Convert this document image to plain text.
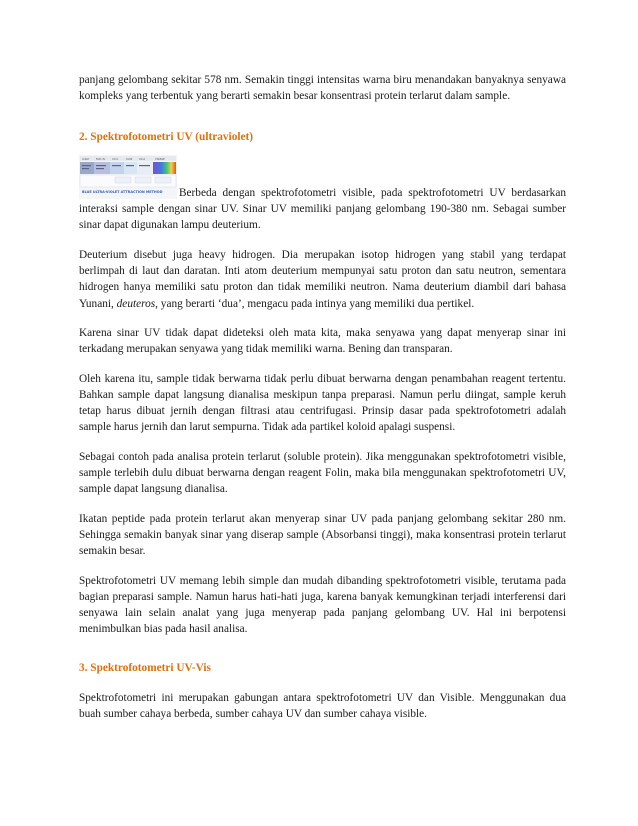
panjang gelombang sekitar 578 nm. Semakin tinggi intensitas warna biru menandakan banyaknya senyawa kompleks yang terbentuk yang berarti semakin besar konsentrasi protein terlarut dalam sample.

2. Spektrofotometri UV (ultraviolet)
X-RAY	FAR UV	UV-C	UV-B	UV-A	VISIBLE
BLUE ULTRA-VIOLET ATTRACTION METHOD	Berbeda dengan spektrofotometri visible, pada spektrofotometri UV berdasarkan interaksi sample dengan sinar UV. Sinar UV memiliki panjang gelombang 190-380 nm. Sebagai sumber sinar dapat digunakan lampu deuterium.

Deuterium disebut juga heavy hidrogen. Dia merupakan isotop hidrogen yang stabil yang terdapat berlimpah di laut dan daratan. Inti atom deuterium mempunyai satu proton dan satu neutron, sementara hidrogen hanya memiliki satu proton dan tidak memiliki neutron. Nama deuterium diambil dari bahasa Yunani, deuteros, yang berarti ‘dua’, mengacu pada intinya yang memiliki dua pertikel.

Karena sinar UV tidak dapat dideteksi oleh mata kita, maka senyawa yang dapat menyerap sinar ini terkadang merupakan senyawa yang tidak memiliki warna. Bening dan transparan.

Oleh karena itu, sample tidak berwarna tidak perlu dibuat berwarna dengan penambahan reagent tertentu. Bahkan sample dapat langsung dianalisa meskipun tanpa preparasi. Namun perlu diingat, sample keruh tetap harus dibuat jernih dengan filtrasi atau centrifugasi. Prinsip dasar pada spektrofotometri adalah sample harus jernih dan larut sempurna. Tidak ada partikel koloid apalagi suspensi.

Sebagai contoh pada analisa protein terlarut (soluble protein). Jika menggunakan spektrofotometri visible, sample terlebih dulu dibuat berwarna dengan reagent Folin, maka bila menggunakan spektrofotometri UV, sample dapat langsung dianalisa.

Ikatan peptide pada protein terlarut akan menyerap sinar UV pada panjang gelombang sekitar 280 nm. Sehingga semakin banyak sinar yang diserap sample (Absorbansi tinggi), maka konsentrasi protein terlarut semakin besar.

Spektrofotometri UV memang lebih simple dan mudah dibanding spektrofotometri visible, terutama pada bagian preparasi sample. Namun harus hati-hati juga, karena banyak kemungkinan terjadi interferensi dari senyawa lain selain analat yang juga menyerap pada panjang gelombang UV. Hal ini berpotensi menimbulkan bias pada hasil analisa.

3. Spektrofotometri UV-Vis

Spektrofotometri ini merupakan gabungan antara spektrofotometri UV dan Visible. Menggunakan dua buah sumber cahaya berbeda, sumber cahaya UV dan sumber cahaya visible.
